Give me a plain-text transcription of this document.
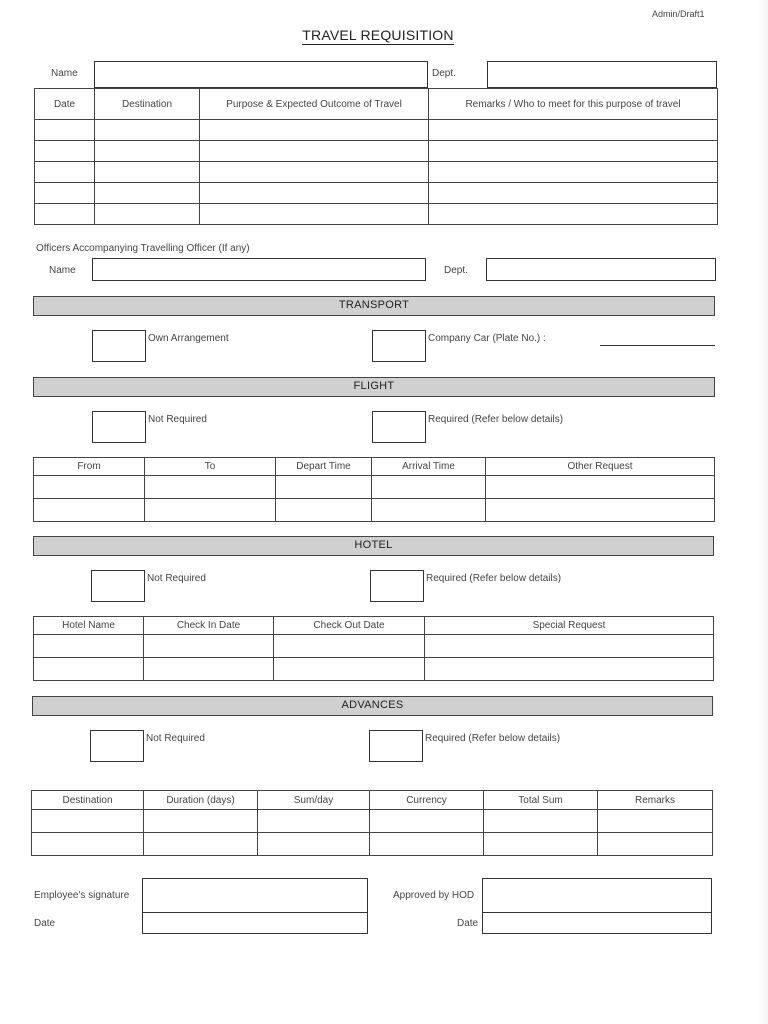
Admin/Draft1
TRAVEL REQUISITION
Name	Dept.
Date	Destination	Purpose & Expected Outcome of Travel	Remarks / Who to meet for this purpose of travel

Officers Accompanying Travelling Officer (If any)
Name	Dept.
TRANSPORT
Own Arrangement	Company Car (Plate No.) :
FLIGHT
Not Required	Required (Refer below details)
From	To	Depart Time	Arrival Time	Other Request

HOTEL
Not Required	Required (Refer below details)
Hotel Name	Check In Date	Check Out Date	Special Request

ADVANCES
Not Required	Required (Refer below details)
Destination	Duration (days)	Sum/day	Currency	Total Sum	Remarks

Employee's signature
Date
Approved by HOD
Date
